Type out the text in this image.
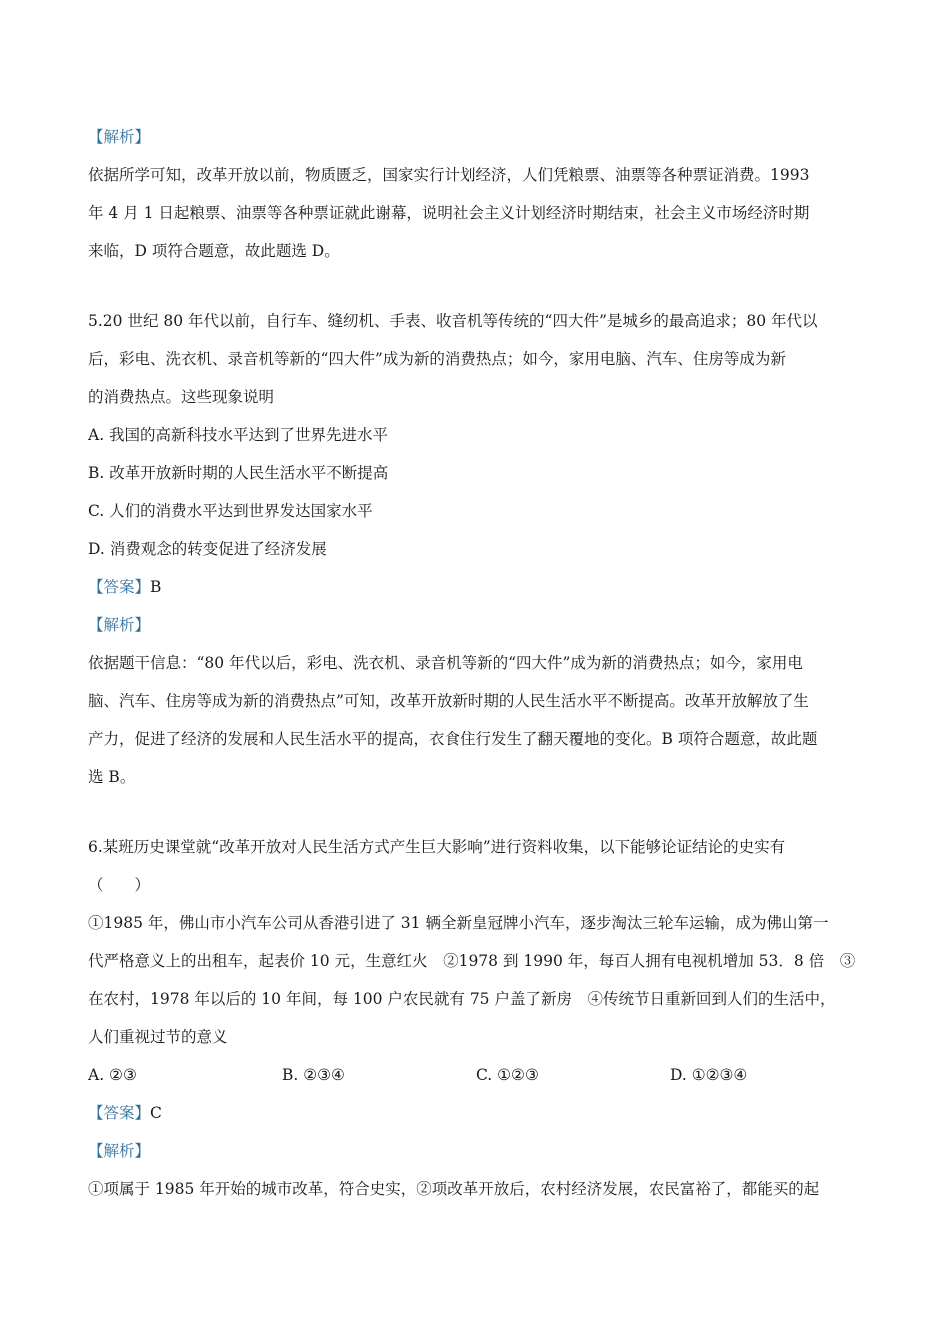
【解析】
依据所学可知，改革开放以前，物质匮乏，国家实行计划经济，人们凭粮票、油票等各种票证消费。1993
年 4 月 1 日起粮票、油票等各种票证就此谢幕，说明社会主义计划经济时期结束，社会主义市场经济时期
来临，D 项符合题意，故此题选 D。
5.20 世纪 80 年代以前，自行车、缝纫机、手表、收音机等传统的“四大件”是城乡的最高追求；80 年代以
后，彩电、洗衣机、录音机等新的“四大件”成为新的消费热点；如今，家用电脑、汽车、住房等成为新
的消费热点。这些现象说明
A. 我国的高新科技水平达到了世界先进水平
B. 改革开放新时期的人民生活水平不断提高
C. 人们的消费水平达到世界发达国家水平
D. 消费观念的转变促进了经济发展
【答案】B
【解析】
依据题干信息：“80 年代以后，彩电、洗衣机、录音机等新的“四大件”成为新的消费热点；如今，家用电
脑、汽车、住房等成为新的消费热点”可知，改革开放新时期的人民生活水平不断提高。改革开放解放了生
产力，促进了经济的发展和人民生活水平的提高，衣食住行发生了翻天覆地的变化。B 项符合题意，故此题
选 B。
6.某班历史课堂就“改革开放对人民生活方式产生巨大影响”进行资料收集，以下能够论证结论的史实有
（　　）
①1985 年，佛山市小汽车公司从香港引进了 31 辆全新皇冠牌小汽车，逐步淘汰三轮车运输，成为佛山第一
代严格意义上的出租车，起表价 10 元，生意红火　②1978 到 1990 年，每百人拥有电视机增加 53．8 倍　③
在农村，1978 年以后的 10 年间，每 100 户农民就有 75 户盖了新房　④传统节日重新回到人们的生活中，
人们重视过节的意义
A. ②③	B. ②③④	C. ①②③	D. ①②③④
【答案】C
【解析】
①项属于 1985 年开始的城市改革，符合史实，②项改革开放后，农村经济发展，农民富裕了，都能买的起
